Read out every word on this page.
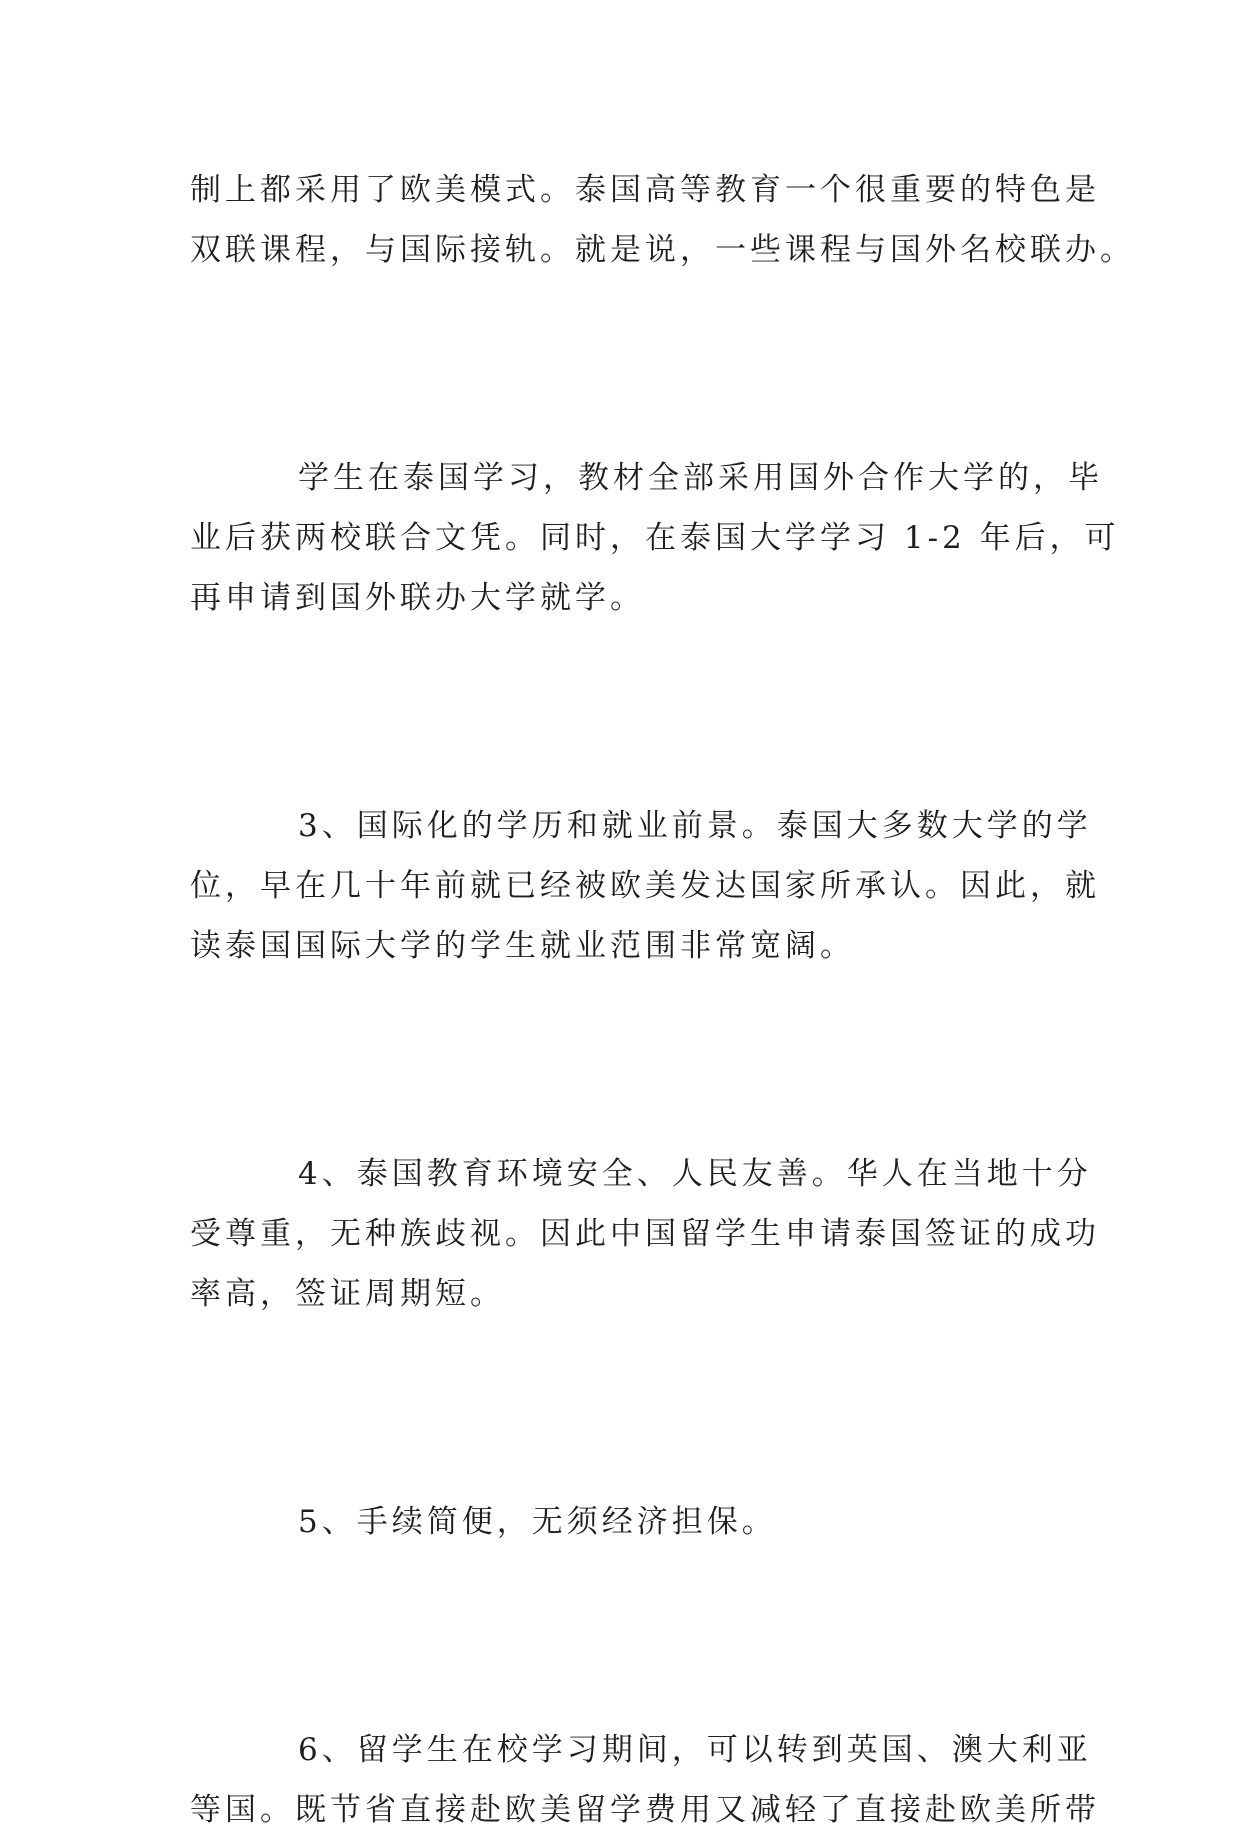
制上都采用了欧美模式。泰国高等教育一个很重要的特色是
双联课程，与国际接轨。就是说，一些课程与国外名校联办。
学生在泰国学习，教材全部采用国外合作大学的，毕
业后获两校联合文凭。同时，在泰国大学学习 1-2 年后，可
再申请到国外联办大学就学。
3、国际化的学历和就业前景。泰国大多数大学的学
位，早在几十年前就已经被欧美发达国家所承认。因此，就
读泰国国际大学的学生就业范围非常宽阔。
4、泰国教育环境安全、人民友善。华人在当地十分
受尊重，无种族歧视。因此中国留学生申请泰国签证的成功
率高，签证周期短。
5、手续简便，无须经济担保。
6、留学生在校学习期间，可以转到英国、澳大利亚
等国。既节省直接赴欧美留学费用又减轻了直接赴欧美所带
